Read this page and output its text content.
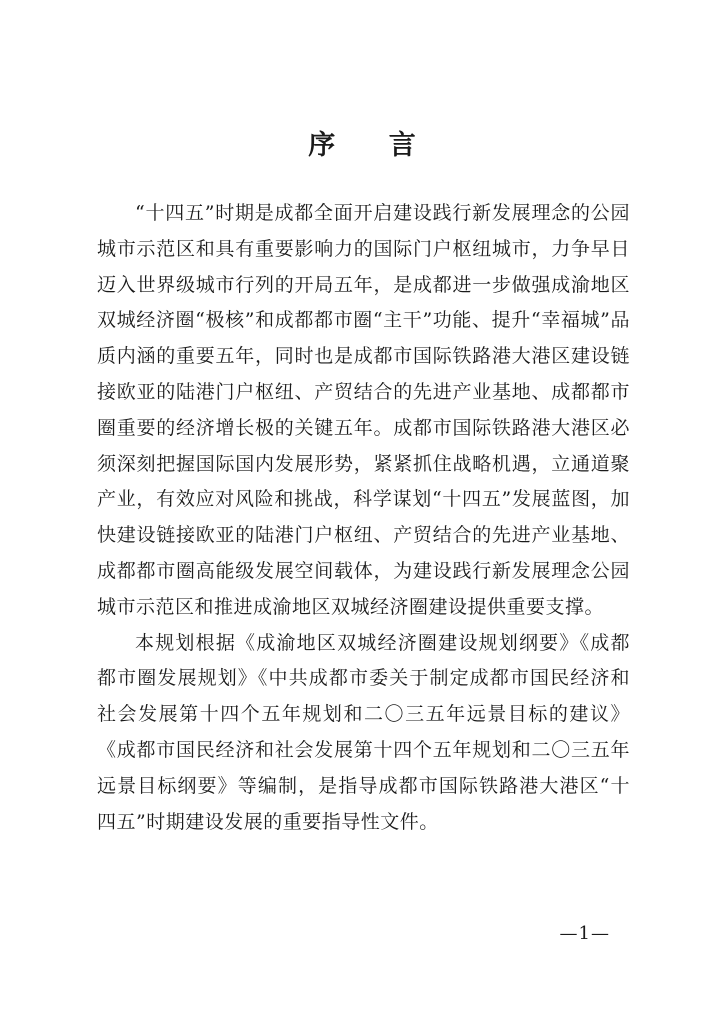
序 言

“十四五”时期是成都全面开启建设践行新发展理念的公园城市示范区和具有重要影响力的国际门户枢纽城市，力争早日迈入世界级城市行列的开局五年，是成都进一步做强成渝地区双城经济圈“极核”和成都都市圈“主干”功能、提升“幸福城”品质内涵的重要五年，同时也是成都市国际铁路港大港区建设链接欧亚的陆港门户枢纽、产贸结合的先进产业基地、成都都市圈重要的经济增长极的关键五年。成都市国际铁路港大港区必须深刻把握国际国内发展形势，紧紧抓住战略机遇，立通道聚产业，有效应对风险和挑战，科学谋划“十四五”发展蓝图，加快建设链接欧亚的陆港门户枢纽、产贸结合的先进产业基地、成都都市圈高能级发展空间载体，为建设践行新发展理念公园城市示范区和推进成渝地区双城经济圈建设提供重要支撑。

本规划根据《成渝地区双城经济圈建设规划纲要》《成都都市圈发展规划》《中共成都市委关于制定成都市国民经济和社会发展第十四个五年规划和二〇三五年远景目标的建议》《成都市国民经济和社会发展第十四个五年规划和二〇三五年远景目标纲要》等编制，是指导成都市国际铁路港大港区“十四五”时期建设发展的重要指导性文件。

—1—
